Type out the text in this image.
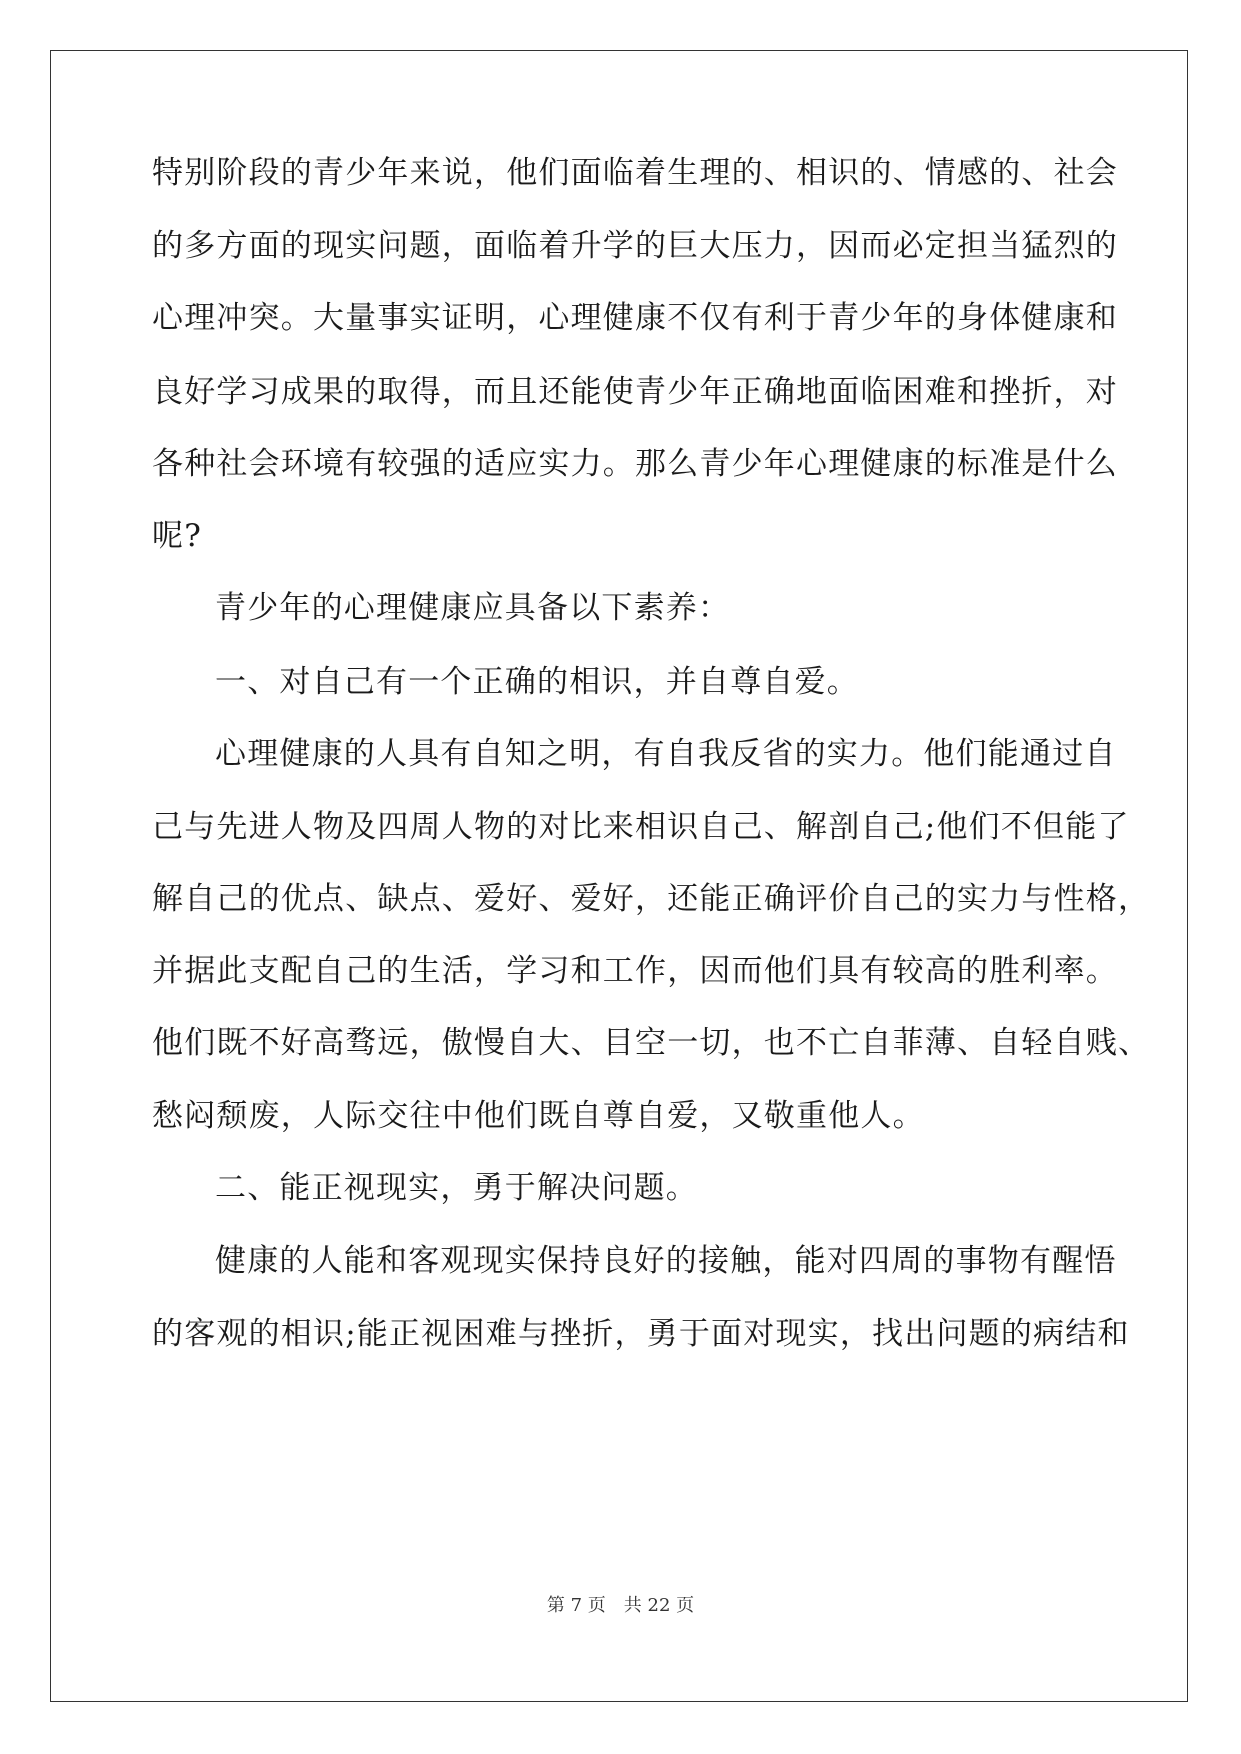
特别阶段的青少年来说，他们面临着生理的、相识的、情感的、社会

的多方面的现实问题，面临着升学的巨大压力，因而必定担当猛烈的

心理冲突。大量事实证明，心理健康不仅有利于青少年的身体健康和

良好学习成果的取得，而且还能使青少年正确地面临困难和挫折，对

各种社会环境有较强的适应实力。那么青少年心理健康的标准是什么

呢?

青少年的心理健康应具备以下素养：

一、对自己有一个正确的相识，并自尊自爱。

心理健康的人具有自知之明，有自我反省的实力。他们能通过自

己与先进人物及四周人物的对比来相识自己、解剖自己;他们不但能了

解自己的优点、缺点、爱好、爱好，还能正确评价自己的实力与性格，

并据此支配自己的生活，学习和工作，因而他们具有较高的胜利率。

他们既不好高骛远，傲慢自大、目空一切，也不亡自菲薄、自轻自贱、

愁闷颓废，人际交往中他们既自尊自爱，又敬重他人。

二、能正视现实，勇于解决问题。

健康的人能和客观现实保持良好的接触，能对四周的事物有醒悟

的客观的相识;能正视困难与挫折，勇于面对现实，找出问题的病结和

第 7 页　共 22 页
